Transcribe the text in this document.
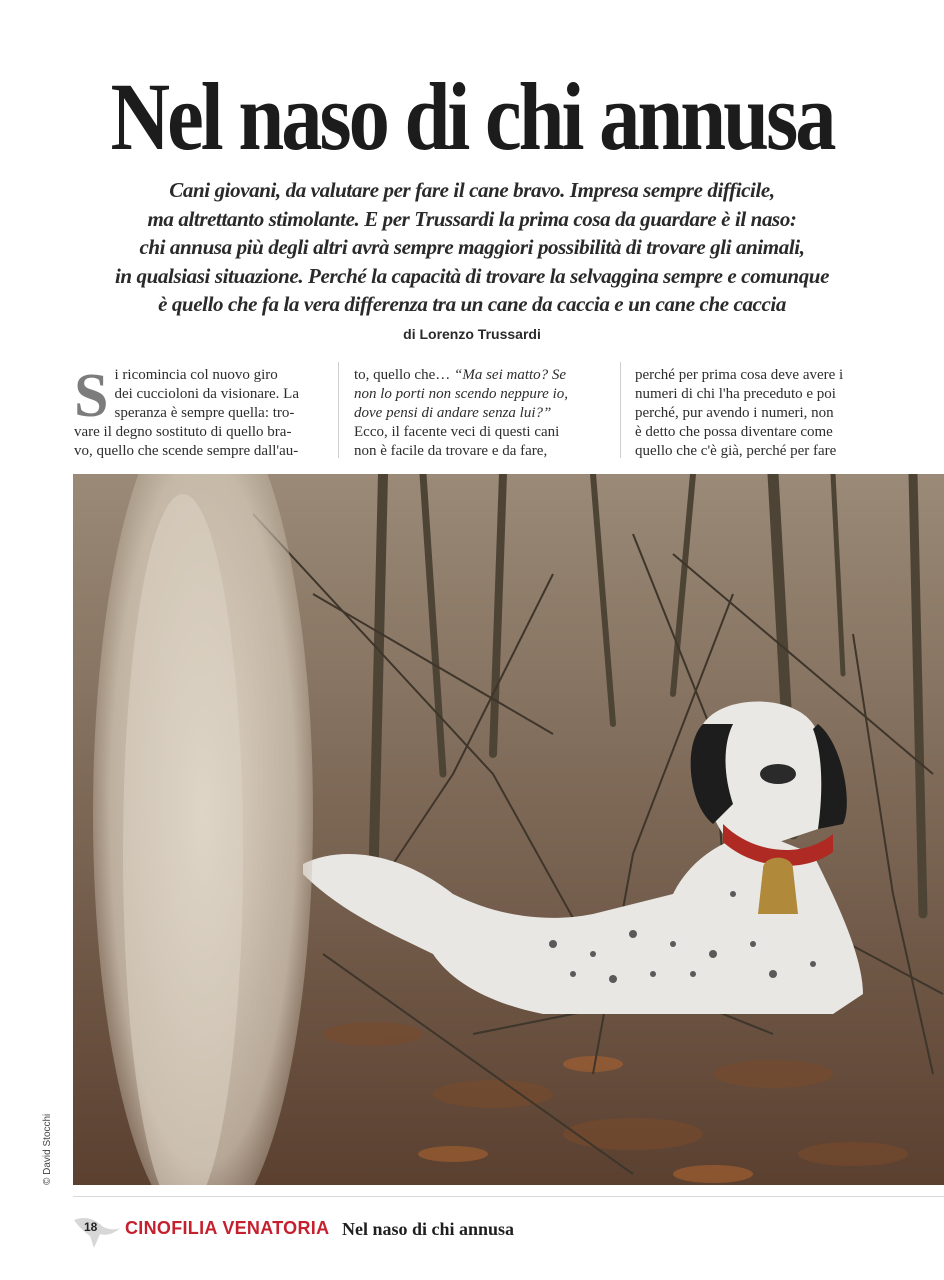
Nel naso di chi annusa
Cani giovani, da valutare per fare il cane bravo. Impresa sempre difficile,
ma altrettanto stimolante. E per Trussardi la prima cosa da guardare è il naso:
chi annusa più degli altri avrà sempre maggiori possibilità di trovare gli animali,
in qualsiasi situazione. Perché la capacità di trovare la selvaggina sempre e comunque
è quello che fa la vera differenza tra un cane da caccia e un cane che caccia
di Lorenzo Trussardi
S i ricomincia col nuovo giro
dei cuccioloni da visionare. La
speranza è sempre quella: tro-
vare il degno sostituto di quello bra-
vo, quello che scende sempre dall'au-
to, quello che… “Ma sei matto? Se
non lo porti non scendo neppure io,
dove pensi di andare senza lui?”
Ecco, il facente veci di questi cani
non è facile da trovare e da fare,
perché per prima cosa deve avere i
numeri di chi l'ha preceduto e poi
perché, pur avendo i numeri, non
è detto che possa diventare come
quello che c'è già, perché per fare
© David Stocchi
18 CINOFILIA VENATORIA Nel naso di chi annusa
